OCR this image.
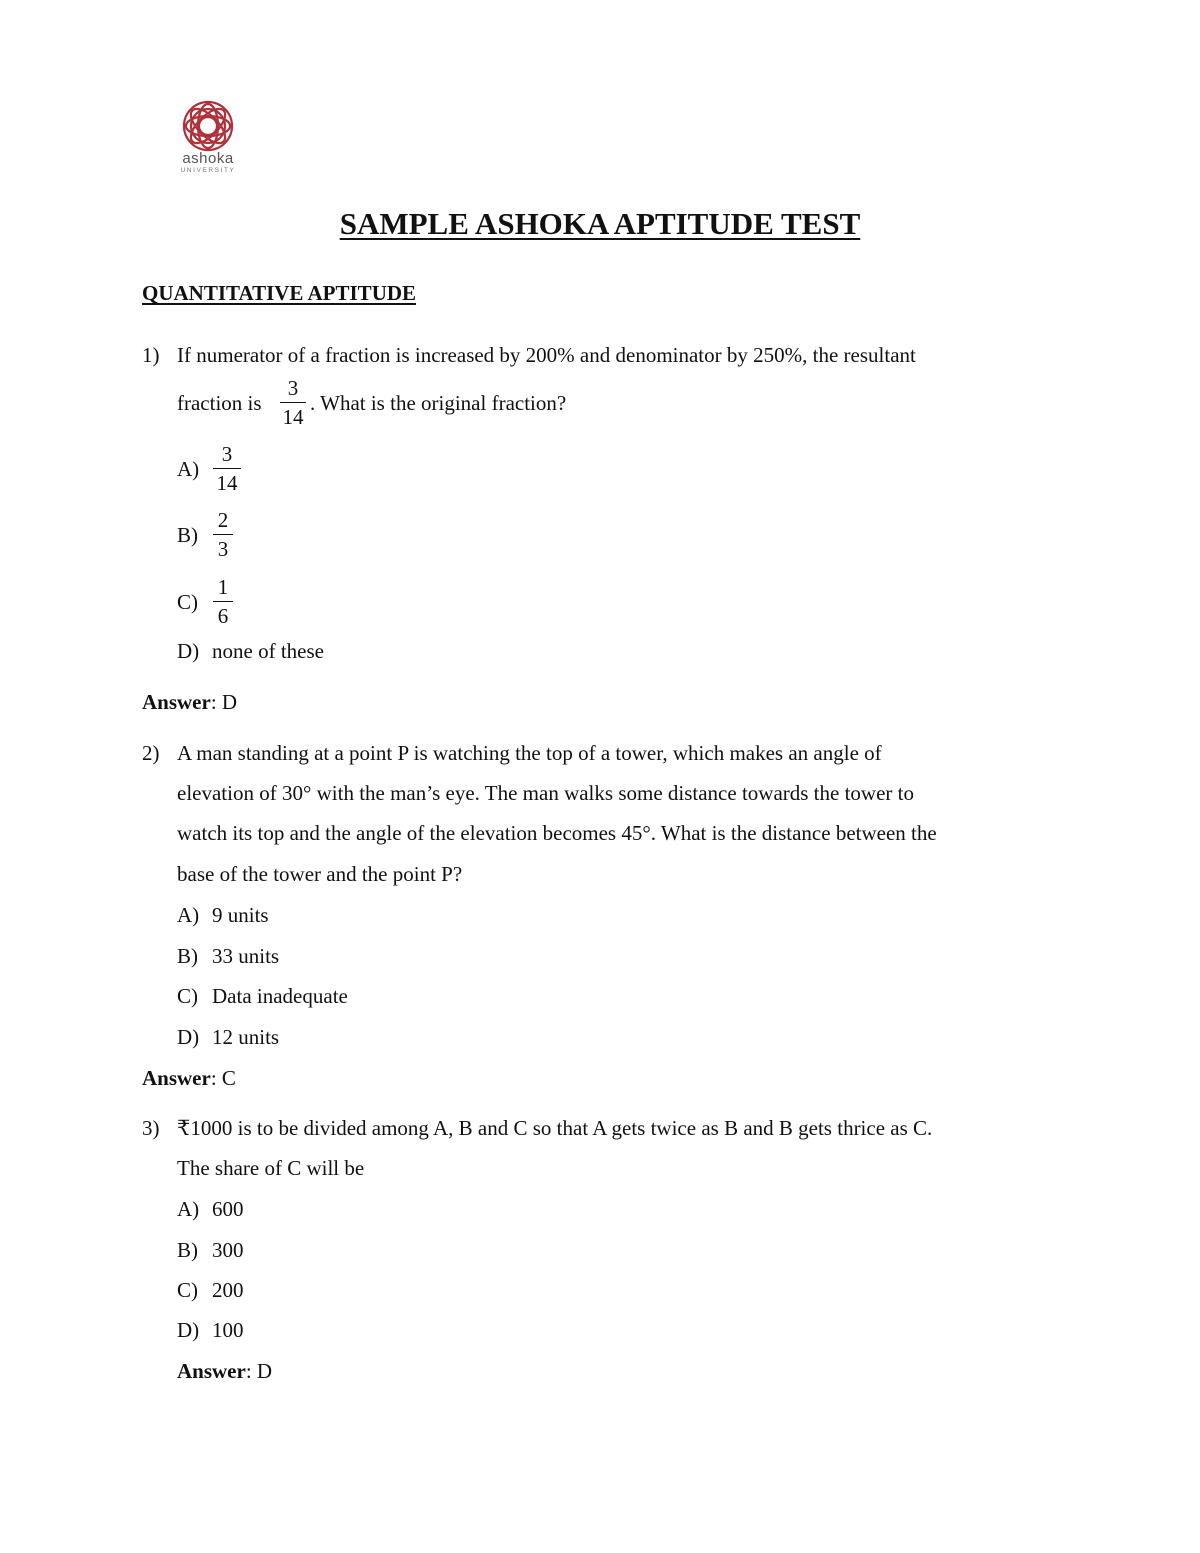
ashoka
UNIVERSITY
SAMPLE ASHOKA APTITUDE TEST
QUANTITATIVE APTITUDE
1) If numerator of a fraction is increased by 200% and denominator by 250%, the resultant
fraction is
3
14
. What is the original fraction?
A)
3
14
B)
2
3
C)
1
6
D) none of these
Answer: D
2) A man standing at a point P is watching the top of a tower, which makes an angle of
elevation of 30° with the man’s eye. The man walks some distance towards the tower to
watch its top and the angle of the elevation becomes 45°. What is the distance between the
base of the tower and the point P?
A) 9 units
B) 33 units
C) Data inadequate
D) 12 units
Answer: C
3) ₹1000 is to be divided among A, B and C so that A gets twice as B and B gets thrice as C.
The share of C will be
A) 600
B) 300
C) 200
D) 100
Answer: D
